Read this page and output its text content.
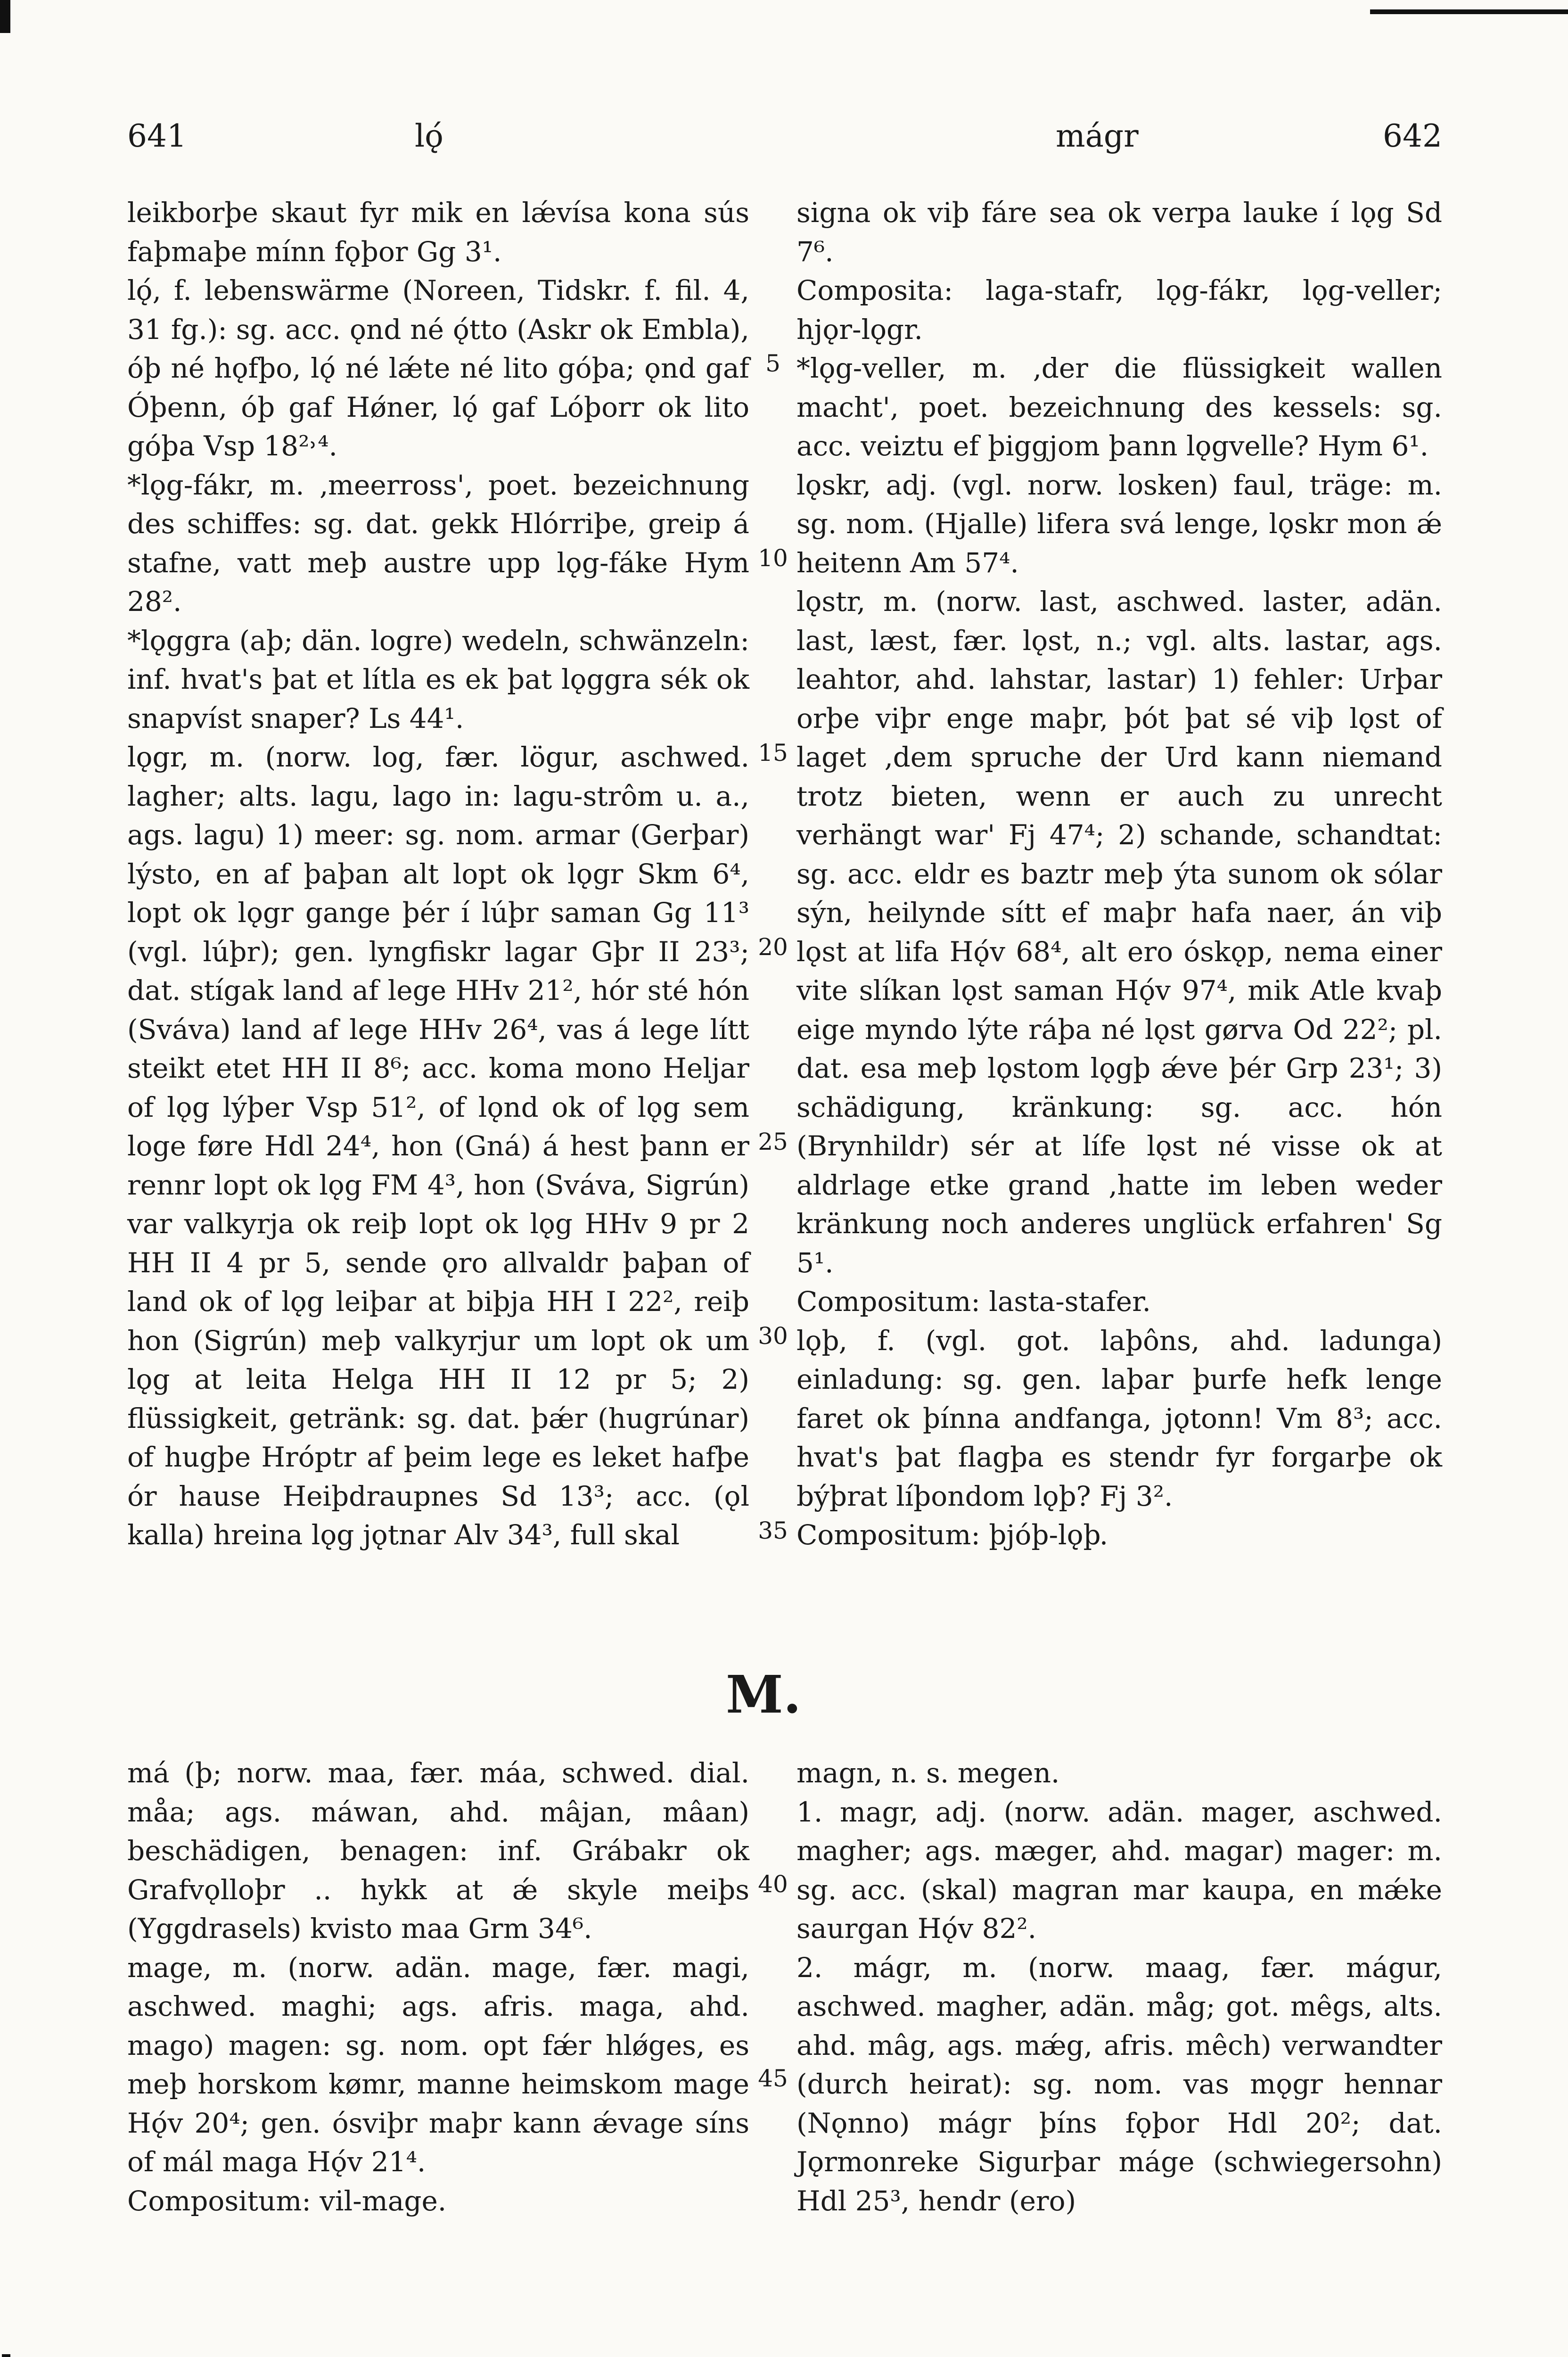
641	lǫ́	mágr	642

leikborþe skaut fyr mik en lǽvísa kona sús faþmaþe mínn fǫþor Gg 3¹.

lǫ́, f. lebenswärme (Noreen, Tidskr. f. fil. 4, 31 fg.): sg. acc. ǫnd né ǫ́tto (Askr ok Embla), óþ né hǫfþo, lǫ́ né lǽte né lito góþa; ǫnd gaf Óþenn, óþ gaf Hǿner, lǫ́ gaf Lóþorr ok lito góþa Vsp 18²˒⁴.

*lǫg-fákr, m. ‚meerross', poet. bezeichnung des schiffes: sg. dat. gekk Hlórriþe, greip á stafne, vatt meþ austre upp lǫg-fáke Hym 28².

*lǫggra (aþ; dän. logre) wedeln, schwänzeln: inf. hvat's þat et lítla es ek þat lǫggra sék ok snapvíst snaper? Ls 44¹.

lǫgr, m. (norw. log, fær. lögur, aschwed. lagher; alts. lagu, lago in: lagu-strôm u. a., ags. lagu) 1) meer: sg. nom. armar (Gerþar) lýsto, en af þaþan alt lopt ok lǫgr Skm 6⁴, lopt ok lǫgr gange þér í lúþr saman Gg 11³ (vgl. lúþr); gen. lyngfiskr lagar Gþr II 23³; dat. stígak land af lege HHv 21², hór sté hón (Sváva) land af lege HHv 26⁴, vas á lege lítt steikt etet HH II 8⁶; acc. koma mono Heljar of lǫg lýþer Vsp 51², of lǫnd ok of lǫg sem loge føre Hdl 24⁴, hon (Gná) á hest þann er rennr lopt ok lǫg FM 4³, hon (Sváva, Sigrún) var valkyrja ok reiþ lopt ok lǫg HHv 9 pr 2 HH II 4 pr 5, sende ǫro allvaldr þaþan of land ok of lǫg leiþar at biþja HH I 22², reiþ hon (Sigrún) meþ valkyrjur um lopt ok um lǫg at leita Helga HH II 12 pr 5; 2) flüssigkeit, getränk: sg. dat. þǽr (hugrúnar) of hugþe Hróptr af þeim lege es leket hafþe ór hause Heiþdraupnes Sd 13³; acc. (ǫl kalla) hreina lǫg jǫtnar Alv 34³, full skal

5
10
15
20
25
30
35

signa ok viþ fáre sea ok verpa lauke í lǫg Sd 7⁶.

Composita: laga-stafr, lǫg-fákr, lǫg-veller; hjǫr-lǫgr.

*lǫg-veller, m. ‚der die flüssigkeit wallen macht', poet. bezeichnung des kessels: sg. acc. veiztu ef þiggjom þann lǫgvelle? Hym 6¹.

lǫskr, adj. (vgl. norw. losken) faul, träge: m. sg. nom. (Hjalle) lifera svá lenge, lǫskr mon ǽ heitenn Am 57⁴.

lǫstr, m. (norw. last, aschwed. laster, adän. last, læst, fær. lǫst, n.; vgl. alts. lastar, ags. leahtor, ahd. lahstar, lastar) 1) fehler: Urþar orþe viþr enge maþr, þót þat sé viþ lǫst of laget ‚dem spruche der Urd kann niemand trotz bieten, wenn er auch zu unrecht verhängt war' Fj 47⁴; 2) schande, schandtat: sg. acc. eldr es baztr meþ ýta sunom ok sólar sýn, heilynde sítt ef maþr hafa naer, án viþ lǫst at lifa Hǫ́v 68⁴, alt ero óskǫp, nema einer vite slíkan lǫst saman Hǫ́v 97⁴, mik Atle kvaþ eige myndo lýte ráþa né lǫst gørva Od 22²; pl. dat. esa meþ lǫstom lǫgþ ǽve þér Grp 23¹; 3) schädigung, kränkung: sg. acc. hón (Brynhildr) sér at lífe lǫst né visse ok at aldrlage etke grand ‚hatte im leben weder kränkung noch anderes unglück erfahren' Sg 5¹.

Compositum: lasta-stafer.

lǫþ, f. (vgl. got. laþôns, ahd. ladunga) einladung: sg. gen. laþar þurfe hefk lenge faret ok þínna andfanga, jǫtonn! Vm 8³; acc. hvat's þat flagþa es stendr fyr forgarþe ok býþrat líþondom lǫþ? Fj 3².

Compositum: þjóþ-lǫþ.

M.

má (þ; norw. maa, fær. máa, schwed. dial. måa; ags. máwan, ahd. mâjan, mâan) beschädigen, benagen: inf. Grábakr ok Grafvǫlloþr .. hykk at ǽ skyle meiþs (Yggdrasels) kvisto maa Grm 34⁶.

mage, m. (norw. adän. mage, fær. magi, aschwed. maghi; ags. afris. maga, ahd. mago) magen: sg. nom. opt fǽr hlǿges, es meþ horskom kømr, manne heimskom mage Hǫ́v 20⁴; gen. ósviþr maþr kann ǽvage síns of mál maga Hǫ́v 21⁴.

Compositum: vil-mage.

40
45

magn, n. s. megen.

1. magr, adj. (norw. adän. mager, aschwed. magher; ags. mæger, ahd. magar) mager: m. sg. acc. (skal) magran mar kaupa, en mǽke saurgan Hǫ́v 82².

2. mágr, m. (norw. maag, fær. mágur, aschwed. magher, adän. måg; got. mêgs, alts. ahd. mâg, ags. mǽg, afris. mêch) verwandter (durch heirat): sg. nom. vas mǫgr hennar (Nǫnno) mágr þíns fǫþor Hdl 20²; dat. Jǫrmonreke Sigurþar máge (schwiegersohn) Hdl 25³, hendr (ero)
